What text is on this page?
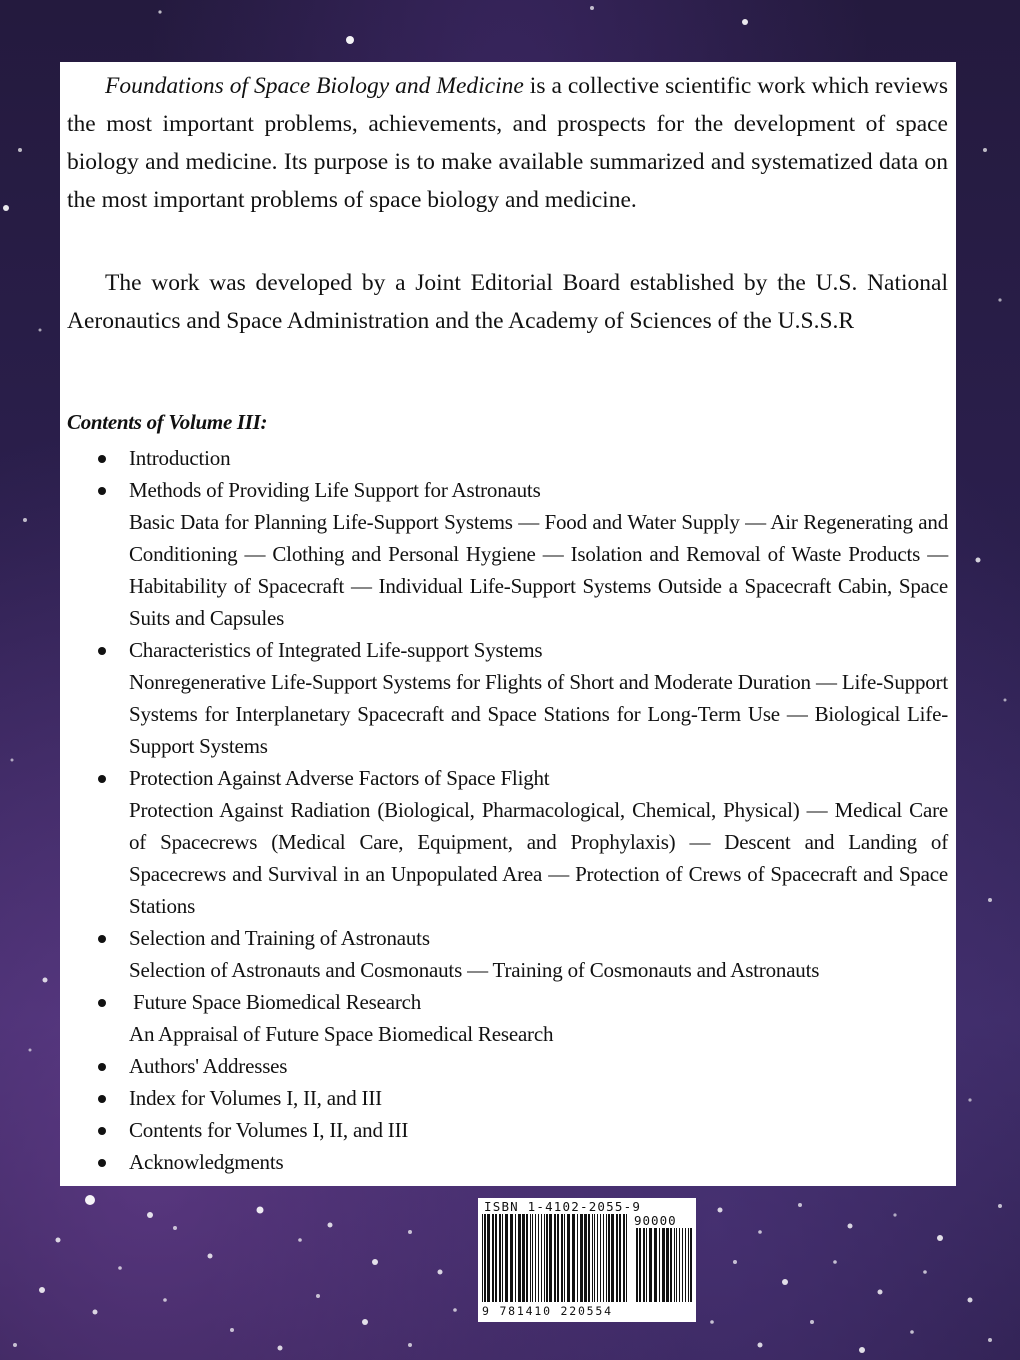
Foundations of Space Biology and Medicine is a collective scientific work which reviews the most important problems, achievements, and prospects for the development of space biology and medicine. Its purpose is to make available summarized and systematized data on the most important problems of space biology and medicine.

The work was developed by a Joint Editorial Board established by the U.S. National Aeronautics and Space Administration and the Academy of Sciences of the U.S.S.R

Contents of Volume III:
Introduction
Methods of Providing Life Support for Astronauts
Basic Data for Planning Life-Support Systems — Food and Water Supply — Air Regenerating and Conditioning — Clothing and Personal Hygiene — Isolation and Removal of Waste Products — Habitability of Spacecraft — Individual Life-Support Systems Outside a Spacecraft Cabin, Space Suits and Capsules
Characteristics of Integrated Life-support Systems
Nonregenerative Life-Support Systems for Flights of Short and Moderate Duration — Life-Support Systems for Interplanetary Spacecraft and Space Stations for Long-Term Use — Biological Life-Support Systems
Protection Against Adverse Factors of Space Flight
Protection Against Radiation (Biological, Pharmacological, Chemical, Physical) — Medical Care of Spacecrews (Medical Care, Equipment, and Prophylaxis) — Descent and Landing of Spacecrews and Survival in an Unpopulated Area — Protection of Crews of Spacecraft and Space Stations
Selection and Training of Astronauts
Selection of Astronauts and Cosmonauts — Training of Cosmonauts and Astronauts
Future Space Biomedical Research
An Appraisal of Future Space Biomedical Research
Authors' Addresses
Index for Volumes I, II, and III
Contents for Volumes I, II, and III
Acknowledgments
ISBN 1-4102-2055-9
90000
9 781410 220554
